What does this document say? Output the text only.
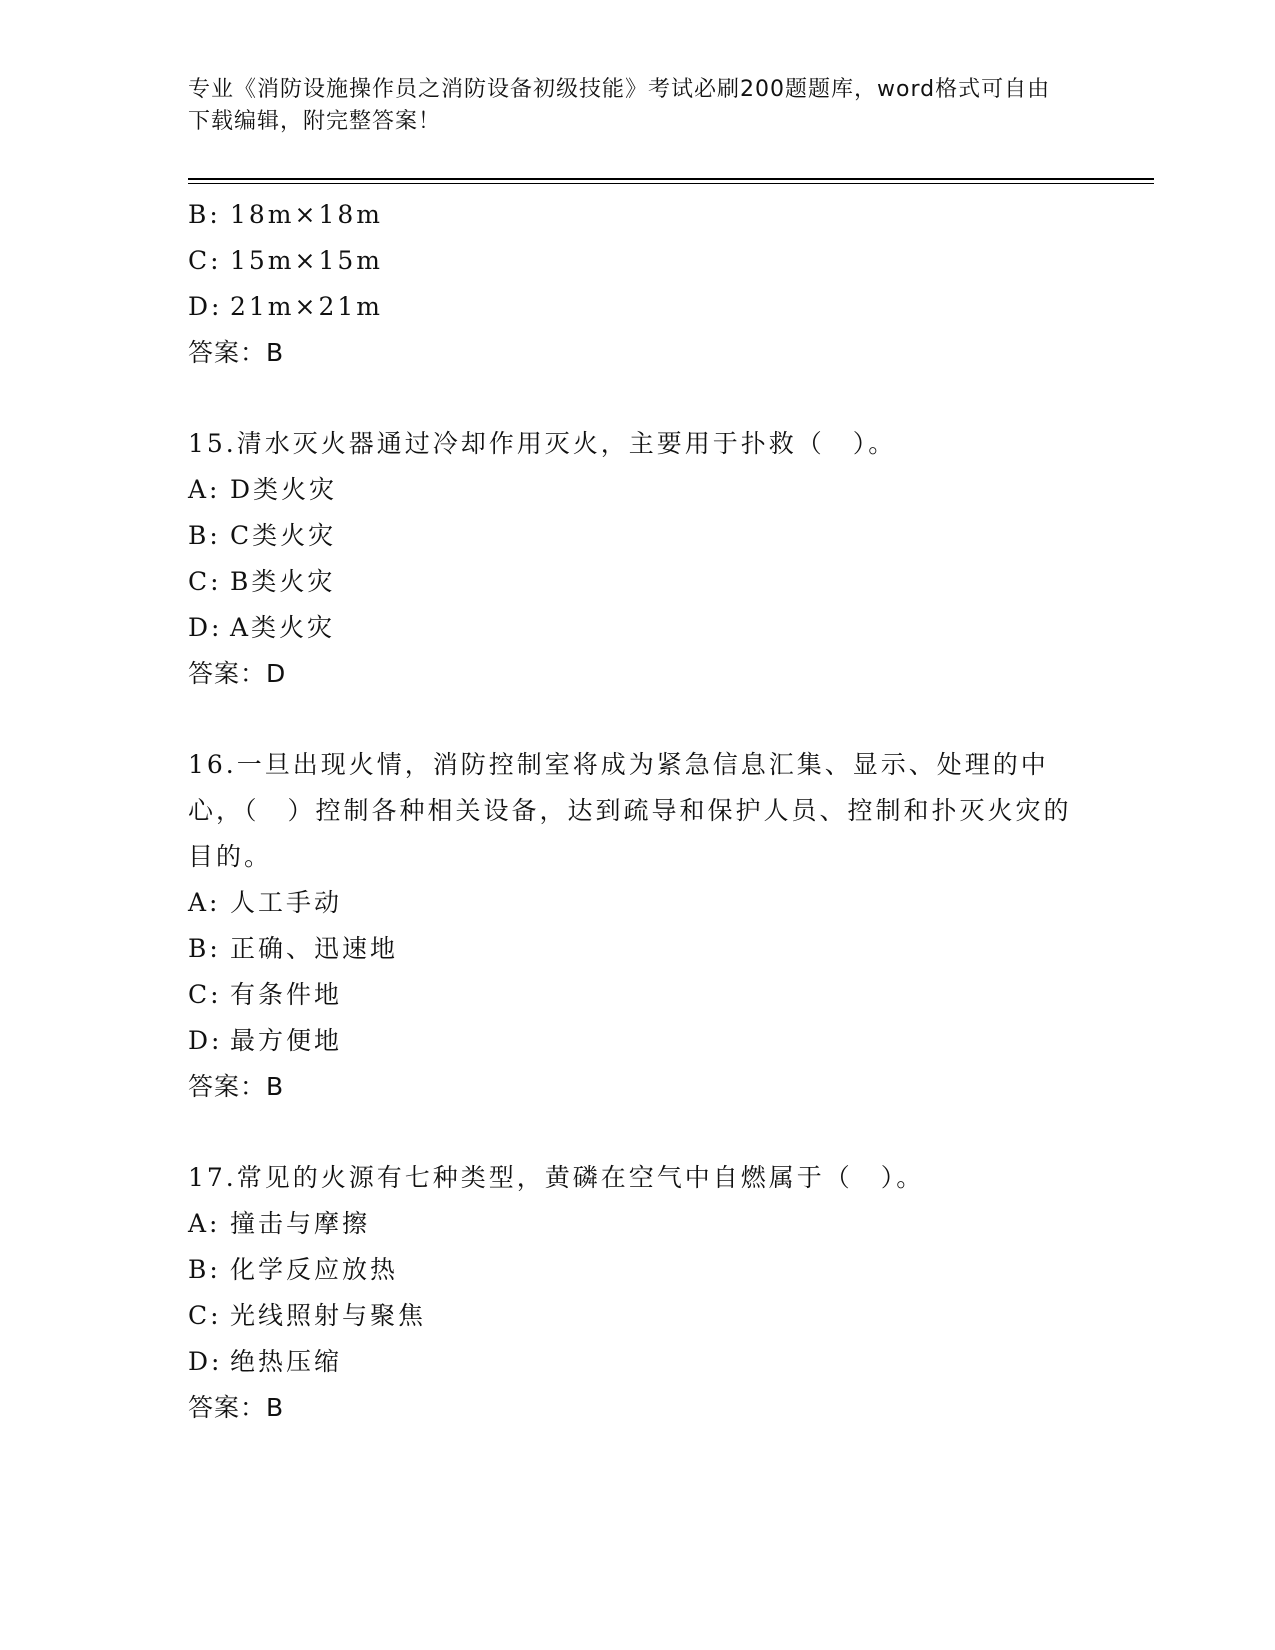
专业《消防设施操作员之消防设备初级技能》考试必刷200题题库，word格式可自由下载编辑，附完整答案！
B: 18m×18m
C: 15m×15m
D: 21m×21m
答案：B
15.清水灭火器通过冷却作用灭火，主要用于扑救（　）。
A: D类火灾
B: C类火灾
C: B类火灾
D: A类火灾
答案：D
16.一旦出现火情，消防控制室将成为紧急信息汇集、显示、处理的中心，（　）控制各种相关设备，达到疏导和保护人员、控制和扑灭火灾的目的。
A: 人工手动
B: 正确、迅速地
C: 有条件地
D: 最方便地
答案：B
17.常见的火源有七种类型，黄磷在空气中自燃属于（　）。
A: 撞击与摩擦
B: 化学反应放热
C: 光线照射与聚焦
D: 绝热压缩
答案：B
